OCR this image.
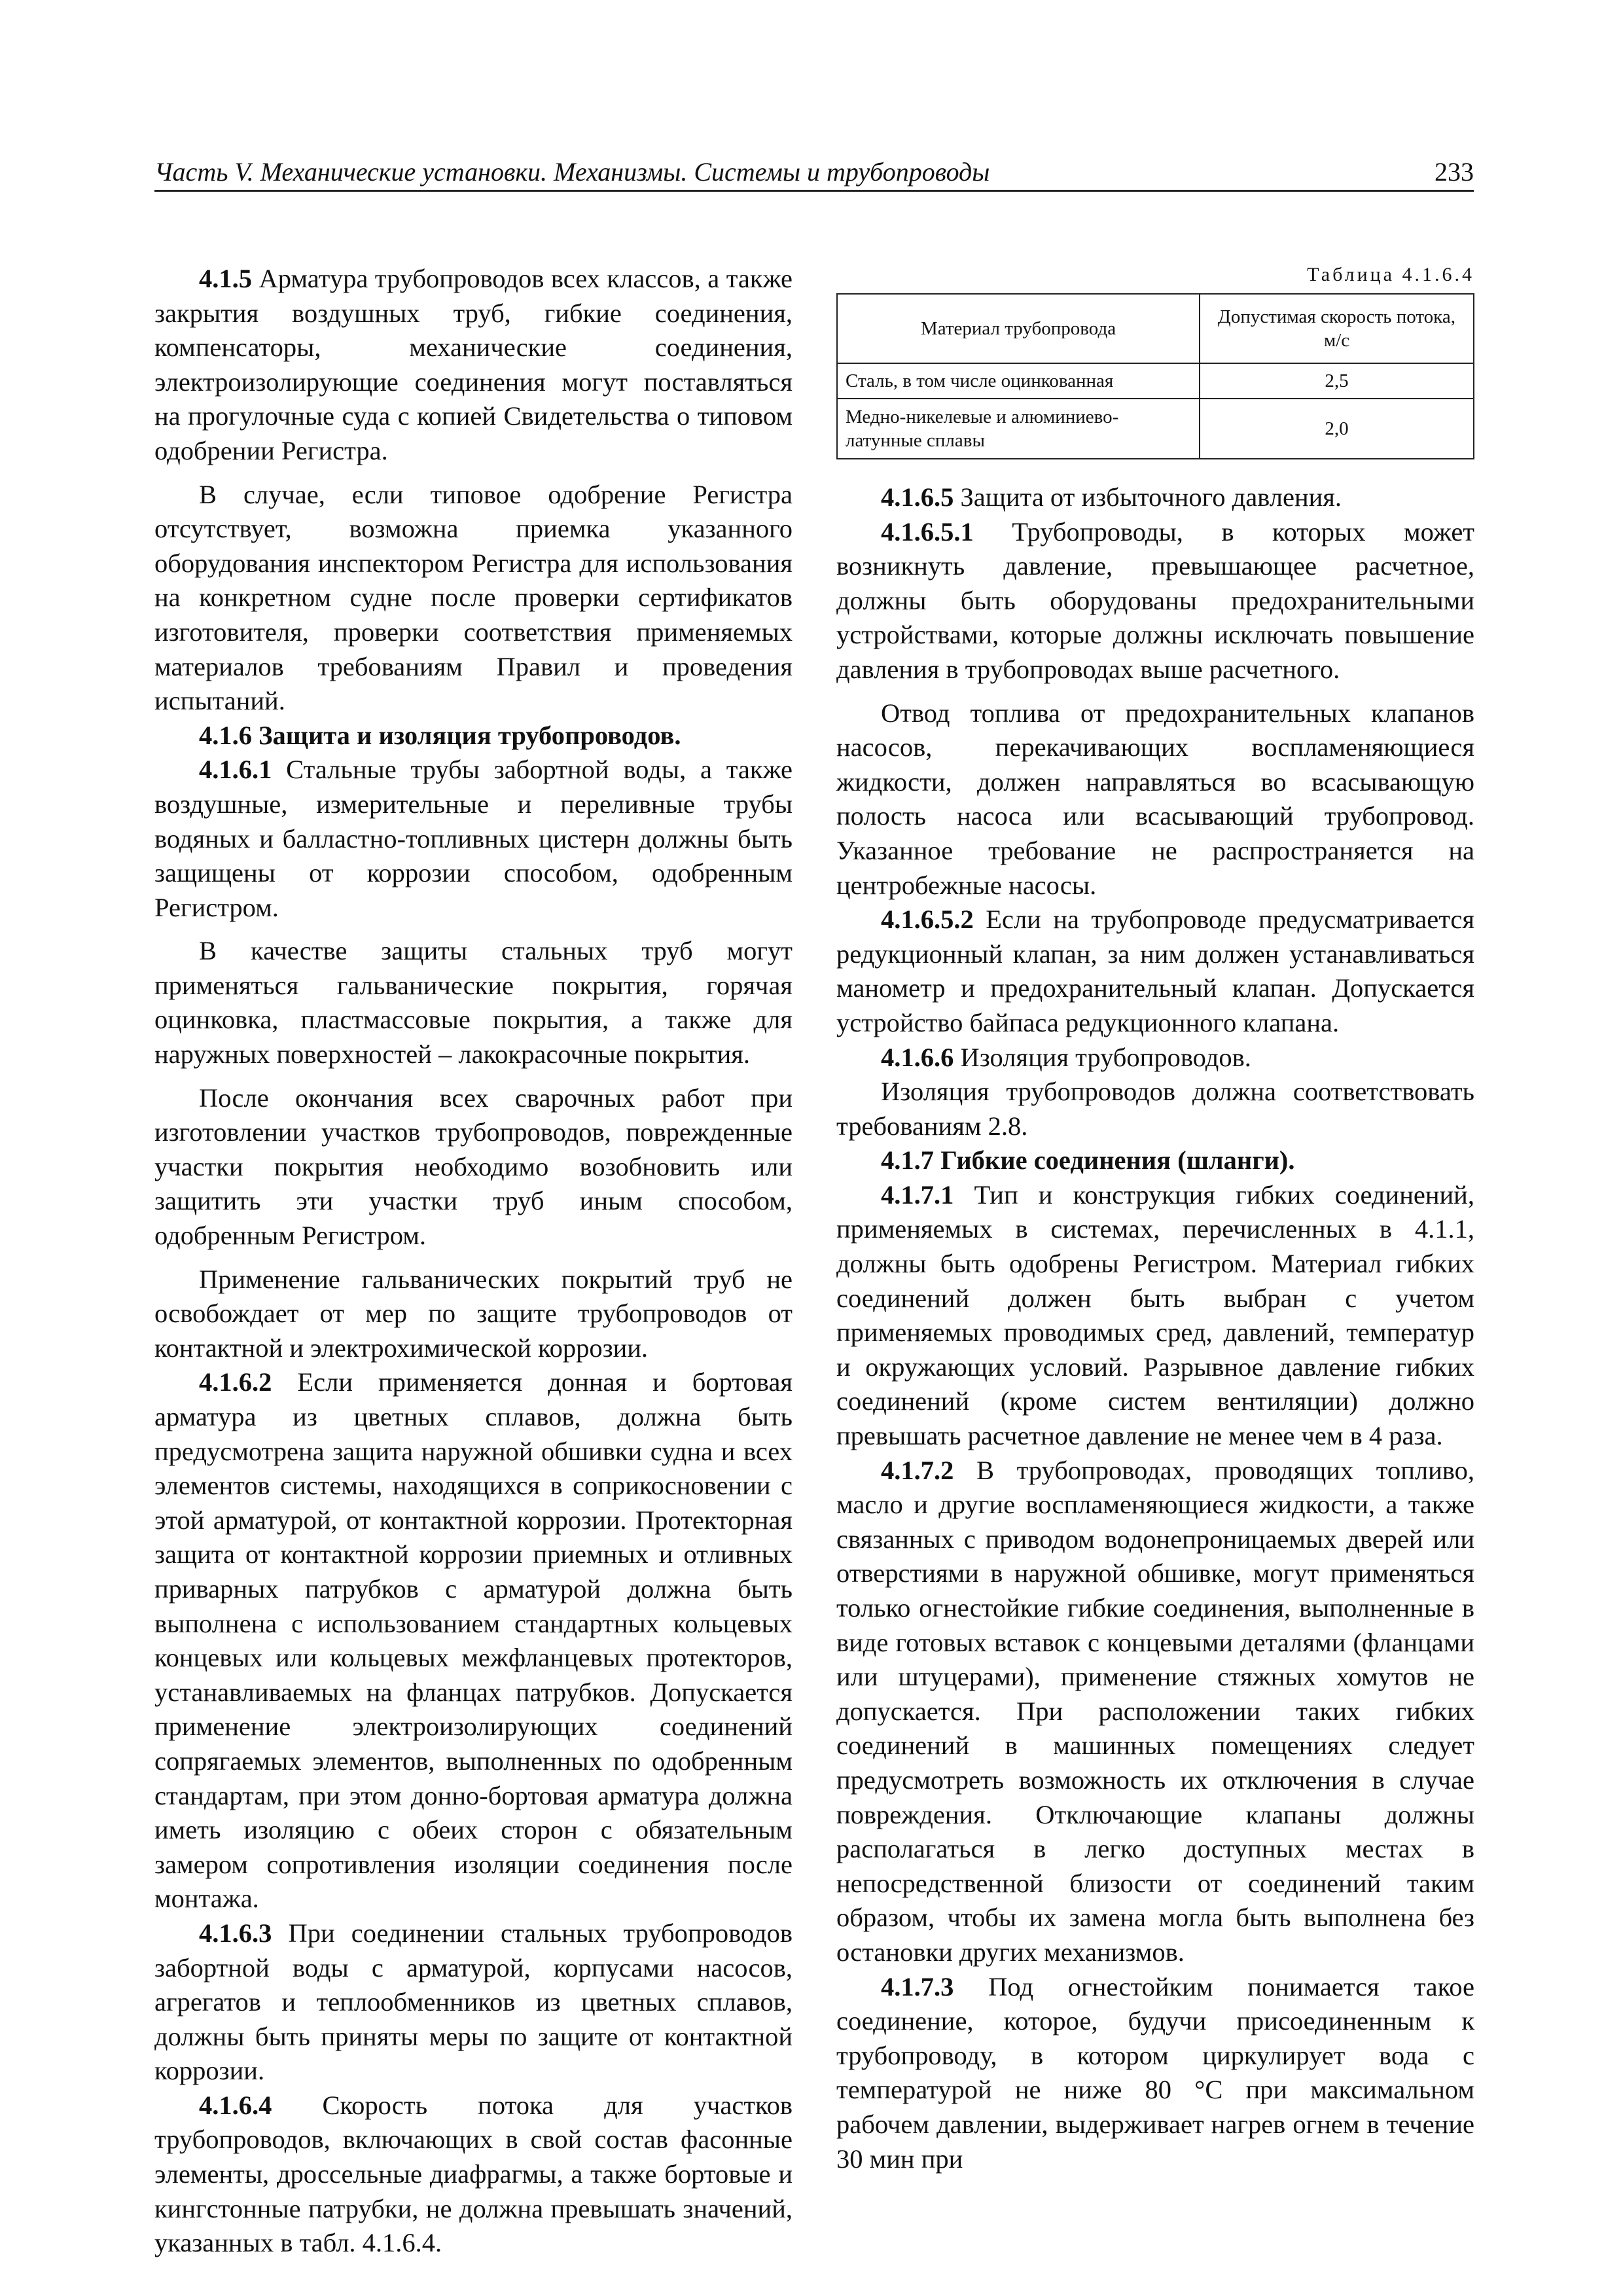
Часть V. Механические установки. Механизмы. Системы и трубопроводы	233

4.1.5 Арматура трубопроводов всех классов, а также закрытия воздушных труб, гибкие соединения, компенсаторы, механические соединения, электроизолирующие соединения могут поставляться на прогулочные суда с копией Свидетельства о типовом одобрении Регистра.

В случае, если типовое одобрение Регистра отсутствует, возможна приемка указанного оборудования инспектором Регистра для использования на конкретном судне после проверки сертификатов изготовителя, проверки соответствия применяемых материалов требованиям Правил и проведения испытаний.

4.1.6 Защита и изоляция трубопроводов.

4.1.6.1 Стальные трубы забортной воды, а также воздушные, измерительные и переливные трубы водяных и балластно-топливных цистерн должны быть защищены от коррозии способом, одобренным Регистром.

В качестве защиты стальных труб могут применяться гальванические покрытия, горячая оцинковка, пластмассовые покрытия, а также для наружных поверхностей – лакокрасочные покрытия.

После окончания всех сварочных работ при изготовлении участков трубопроводов, поврежденные участки покрытия необходимо возобновить или защитить эти участки труб иным способом, одобренным Регистром.

Применение гальванических покрытий труб не освобождает от мер по защите трубопроводов от контактной и электрохимической коррозии.

4.1.6.2 Если применяется донная и бортовая арматура из цветных сплавов, должна быть предусмотрена защита наружной обшивки судна и всех элементов системы, находящихся в соприкосновении с этой арматурой, от контактной коррозии. Протекторная защита от контактной коррозии приемных и отливных приварных патрубков с арматурой должна быть выполнена с использованием стандартных кольцевых концевых или кольцевых межфланцевых протекторов, устанавливаемых на фланцах патрубков. Допускается применение электроизолирующих соединений сопрягаемых элементов, выполненных по одобренным стандартам, при этом донно-бортовая арматура должна иметь изоляцию с обеих сторон с обязательным замером сопротивления изоляции соединения после монтажа.

4.1.6.3 При соединении стальных трубопроводов забортной воды с арматурой, корпусами насосов, агрегатов и теплообменников из цветных сплавов, должны быть приняты меры по защите от контактной коррозии.

4.1.6.4 Скорость потока для участков трубопроводов, включающих в свой состав фасонные элементы, дроссельные диафрагмы, а также бортовые и кингстонные патрубки, не должна превышать значений, указанных в табл. 4.1.6.4.

Таблица 4.1.6.4
Материал трубопровода	Допустимая скорость потока, м/с
Сталь, в том числе оцинкованная	2,5
Медно-никелевые и алюминиево-латунные сплавы	2,0

4.1.6.5 Защита от избыточного давления.

4.1.6.5.1 Трубопроводы, в которых может возникнуть давление, превышающее расчетное, должны быть оборудованы предохранительными устройствами, которые должны исключать повышение давления в трубопроводах выше расчетного.

Отвод топлива от предохранительных клапанов насосов, перекачивающих воспламеняющиеся жидкости, должен направляться во всасывающую полость насоса или всасывающий трубопровод. Указанное требование не распространяется на центробежные насосы.

4.1.6.5.2 Если на трубопроводе предусматривается редукционный клапан, за ним должен устанавливаться манометр и предохранительный клапан. Допускается устройство байпаса редукционного клапана.

4.1.6.6 Изоляция трубопроводов.

Изоляция трубопроводов должна соответствовать требованиям 2.8.

4.1.7 Гибкие соединения (шланги).

4.1.7.1 Тип и конструкция гибких соединений, применяемых в системах, перечисленных в 4.1.1, должны быть одобрены Регистром. Материал гибких соединений должен быть выбран с учетом применяемых проводимых сред, давлений, температур и окружающих условий. Разрывное давление гибких соединений (кроме систем вентиляции) должно превышать расчетное давление не менее чем в 4 раза.

4.1.7.2 В трубопроводах, проводящих топливо, масло и другие воспламеняющиеся жидкости, а также связанных с приводом водонепроницаемых дверей или отверстиями в наружной обшивке, могут применяться только огнестойкие гибкие соединения, выполненные в виде готовых вставок с концевыми деталями (фланцами или штуцерами), применение стяжных хомутов не допускается. При расположении таких гибких соединений в машинных помещениях следует предусмотреть возможность их отключения в случае повреждения. Отключающие клапаны должны располагаться в легко доступных местах в непосредственной близости от соединений таким образом, чтобы их замена могла быть выполнена без остановки других механизмов.

4.1.7.3 Под огнестойким понимается такое соединение, которое, будучи присоединенным к трубопроводу, в котором циркулирует вода с температурой не ниже 80 °С при максимальном рабочем давлении, выдерживает нагрев огнем в течение 30 мин при
